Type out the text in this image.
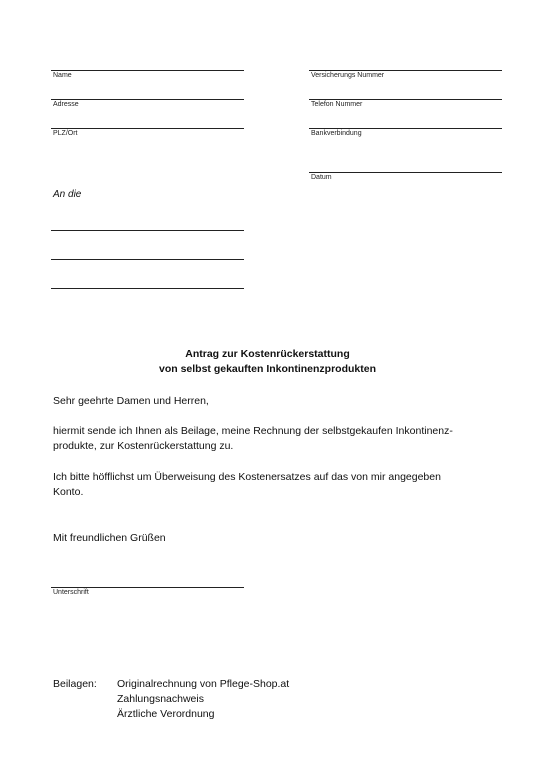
Name
Adresse
PLZ/Ort
Versicherungs Nummer
Telefon Nummer
Bankverbindung
Datum
An die
Antrag zur Kostenrückerstattung
von selbst gekauften Inkontinenzprodukten
Sehr geehrte Damen und Herren,
hiermit sende ich Ihnen als Beilage, meine Rechnung der selbstgekaufen Inkontinenz-
produkte, zur Kostenrückerstattung zu.
Ich bitte höfflichst um Überweisung des Kostenersatzes auf das von mir angegeben
Konto.
Mit freundlichen Grüßen
Unterschrift
Beilagen: Originalrechnung von Pflege-Shop.at
Zahlungsnachweis
Ärztliche Verordnung
